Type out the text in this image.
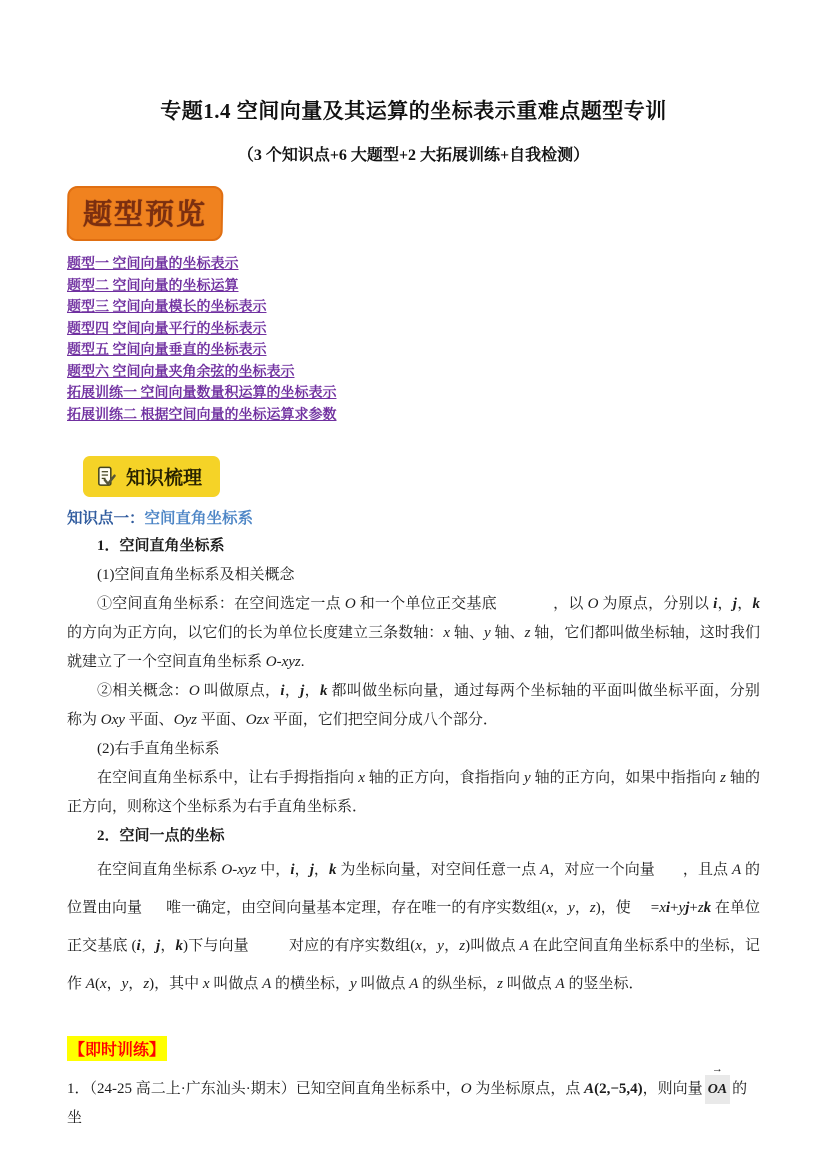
专题1.4 空间向量及其运算的坐标表示重难点题型专训
（3 个知识点+6 大题型+2 大拓展训练+自我检测）
题型预览
题型一 空间向量的坐标表示
题型二 空间向量的坐标运算
题型三 空间向量模长的坐标表示
题型四 空间向量平行的坐标表示
题型五 空间向量垂直的坐标表示
题型六 空间向量夹角余弦的坐标表示
拓展训练一 空间向量数量积运算的坐标表示
拓展训练二 根据空间向量的坐标运算求参数
知识梳理
知识点一：空间直角坐标系

1．空间直角坐标系

(1)空间直角坐标系及相关概念

①空间直角坐标系：在空间选定一点 O 和一个单位正交基底	，以 O 为原点，分别以 i，j，k 的方向为正方向，以它们的长为单位长度建立三条数轴：x 轴、y 轴、z 轴，它们都叫做坐标轴，这时我们就建立了一个空间直角坐标系 O-xyz.

②相关概念：O 叫做原点，i，j，k 都叫做坐标向量，通过每两个坐标轴的平面叫做坐标平面，分别称为 Oxy 平面、Oyz 平面、Ozx 平面，它们把空间分成八个部分．

(2)右手直角坐标系

在空间直角坐标系中，让右手拇指指向 x 轴的正方向，食指指向 y 轴的正方向，如果中指指向 z 轴的正方向，则称这个坐标系为右手直角坐标系．

2．空间一点的坐标

在空间直角坐标系 O-xyz 中，i，j，k 为坐标向量，对空间任意一点 A，对应一个向量 ，且点 A 的位置由向量 唯一确定，由空间向量基本定理，存在唯一的有序实数组(x，y，z)，使 =xi+yj+zk 在单位正交基底 (i，j，k)下与向量	对应的有序实数组(x，y，z)叫做点 A 在此空间直角坐标系中的坐标，记作 A(x，y，z)，其中 x 叫做点 A 的横坐标，y 叫做点 A 的纵坐标，z 叫做点 A 的竖坐标．

【即时训练】

1．（24-25 高二上·广东汕头·期末）已知空间直角坐标系中，O 为坐标原点，点 A(2,−5,4)，则向量
→
OA 的坐
